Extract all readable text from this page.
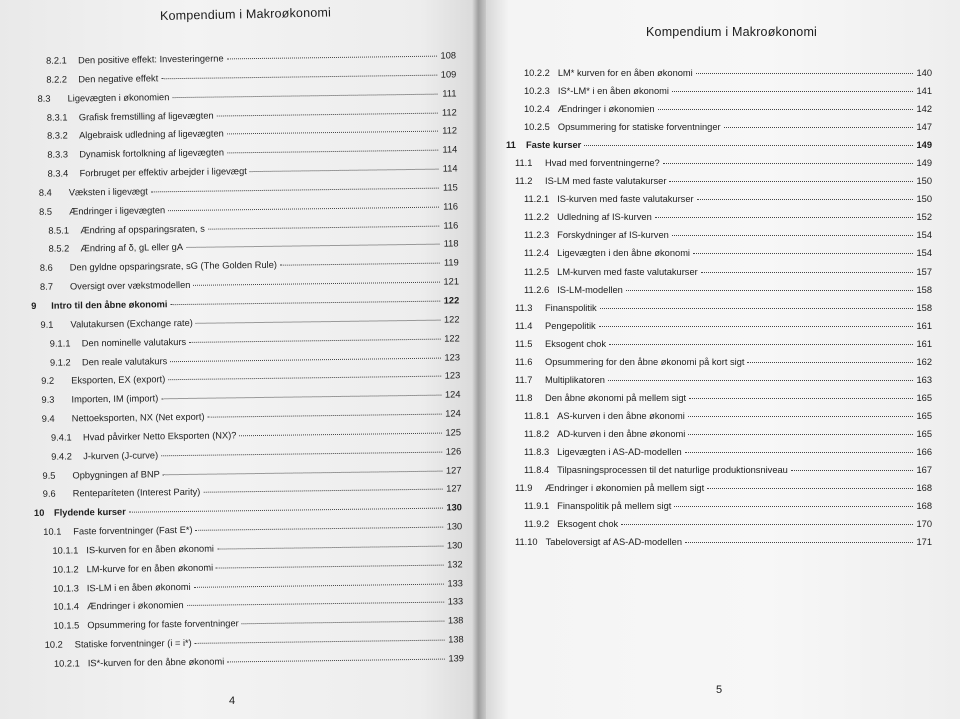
Kompendium i Makroøkonomi
8.2.1	Den positive effekt: Investeringerne	108
8.2.2	Den negative effekt	109
8.3	Ligevægten i økonomien	111
8.3.1	Grafisk fremstilling af ligevægten	112
8.3.2	Algebraisk udledning af ligevægten	112
8.3.3	Dynamisk fortolkning af ligevægten	114
8.3.4	Forbruget per effektiv arbejder i ligevægt	114
8.4	Væksten i ligevægt	115
8.5	Ændringer i ligevægten	116
8.5.1	Ændring af opsparingsraten, s	116
8.5.2	Ændring af δ, gL eller gA	118
8.6	Den gyldne opsparingsrate, sG (The Golden Rule)	119
8.7	Oversigt over vækstmodellen	121
9	Intro til den åbne økonomi	122
9.1	Valutakursen (Exchange rate)	122
9.1.1	Den nominelle valutakurs	122
9.1.2	Den reale valutakurs	123
9.2	Eksporten, EX (export)	123
9.3	Importen, IM (import)	124
9.4	Nettoeksporten, NX (Net export)	124
9.4.1	Hvad påvirker Netto Eksporten (NX)?	125
9.4.2	J-kurven (J-curve)	126
9.5	Opbygningen af BNP	127
9.6	Renteparíteten (Interest Parity)	127
10	Flydende kurser	130
10.1	Faste forventninger (Fast E*)	130
10.1.1 IS-kurven for en åben økonomi	130
10.1.2 LM-kurve for en åben økonomi	132
10.1.3 IS-LM i en åben økonomi	133
10.1.4 Ændringer i økonomien	133
10.1.5 Opsummering for faste forventninger	138
10.2	Statiske forventninger (i = i*)	138
10.2.1 IS*-kurven for den åbne økonomi	139
4
Kompendium i Makroøkonomi
10.2.2 LM* kurven for en åben økonomi	140
10.2.3 IS*-LM* i en åben økonomi	141
10.2.4 Ændringer i økonomien	142
10.2.5 Opsummering for statiske forventninger	147
11	Faste kurser	149
11.1	Hvad med forventningerne?	149
11.2	IS-LM med faste valutakurser	150
11.2.1 IS-kurven med faste valutakurser	150
11.2.2 Udledning af IS-kurven	152
11.2.3 Forskydninger af IS-kurven	154
11.2.4 Ligevægten i den åbne økonomi	154
11.2.5 LM-kurven med faste valutakurser	157
11.2.6 IS-LM-modellen	158
11.3	Finanspolitik	158
11.4	Pengepolitik	161
11.5	Eksogent chok	161
11.6	Opsummering for den åbne økonomi på kort sigt	162
11.7	Multiplikatoren	163
11.8	Den åbne økonomi på mellem sigt	165
11.8.1 AS-kurven i den åbne økonomi	165
11.8.2 AD-kurven i den åbne økonomi	165
11.8.3 Ligevægten i AS-AD-modellen	166
11.8.4 Tilpasningsprocessen til det naturlige produktionsniveau	167
11.9	Ændringer i økonomien på mellem sigt	168
11.9.1 Finanspolitik på mellem sigt	168
11.9.2 Eksogent chok	170
11.10 Tabeloversigt af AS-AD-modellen	171
5
